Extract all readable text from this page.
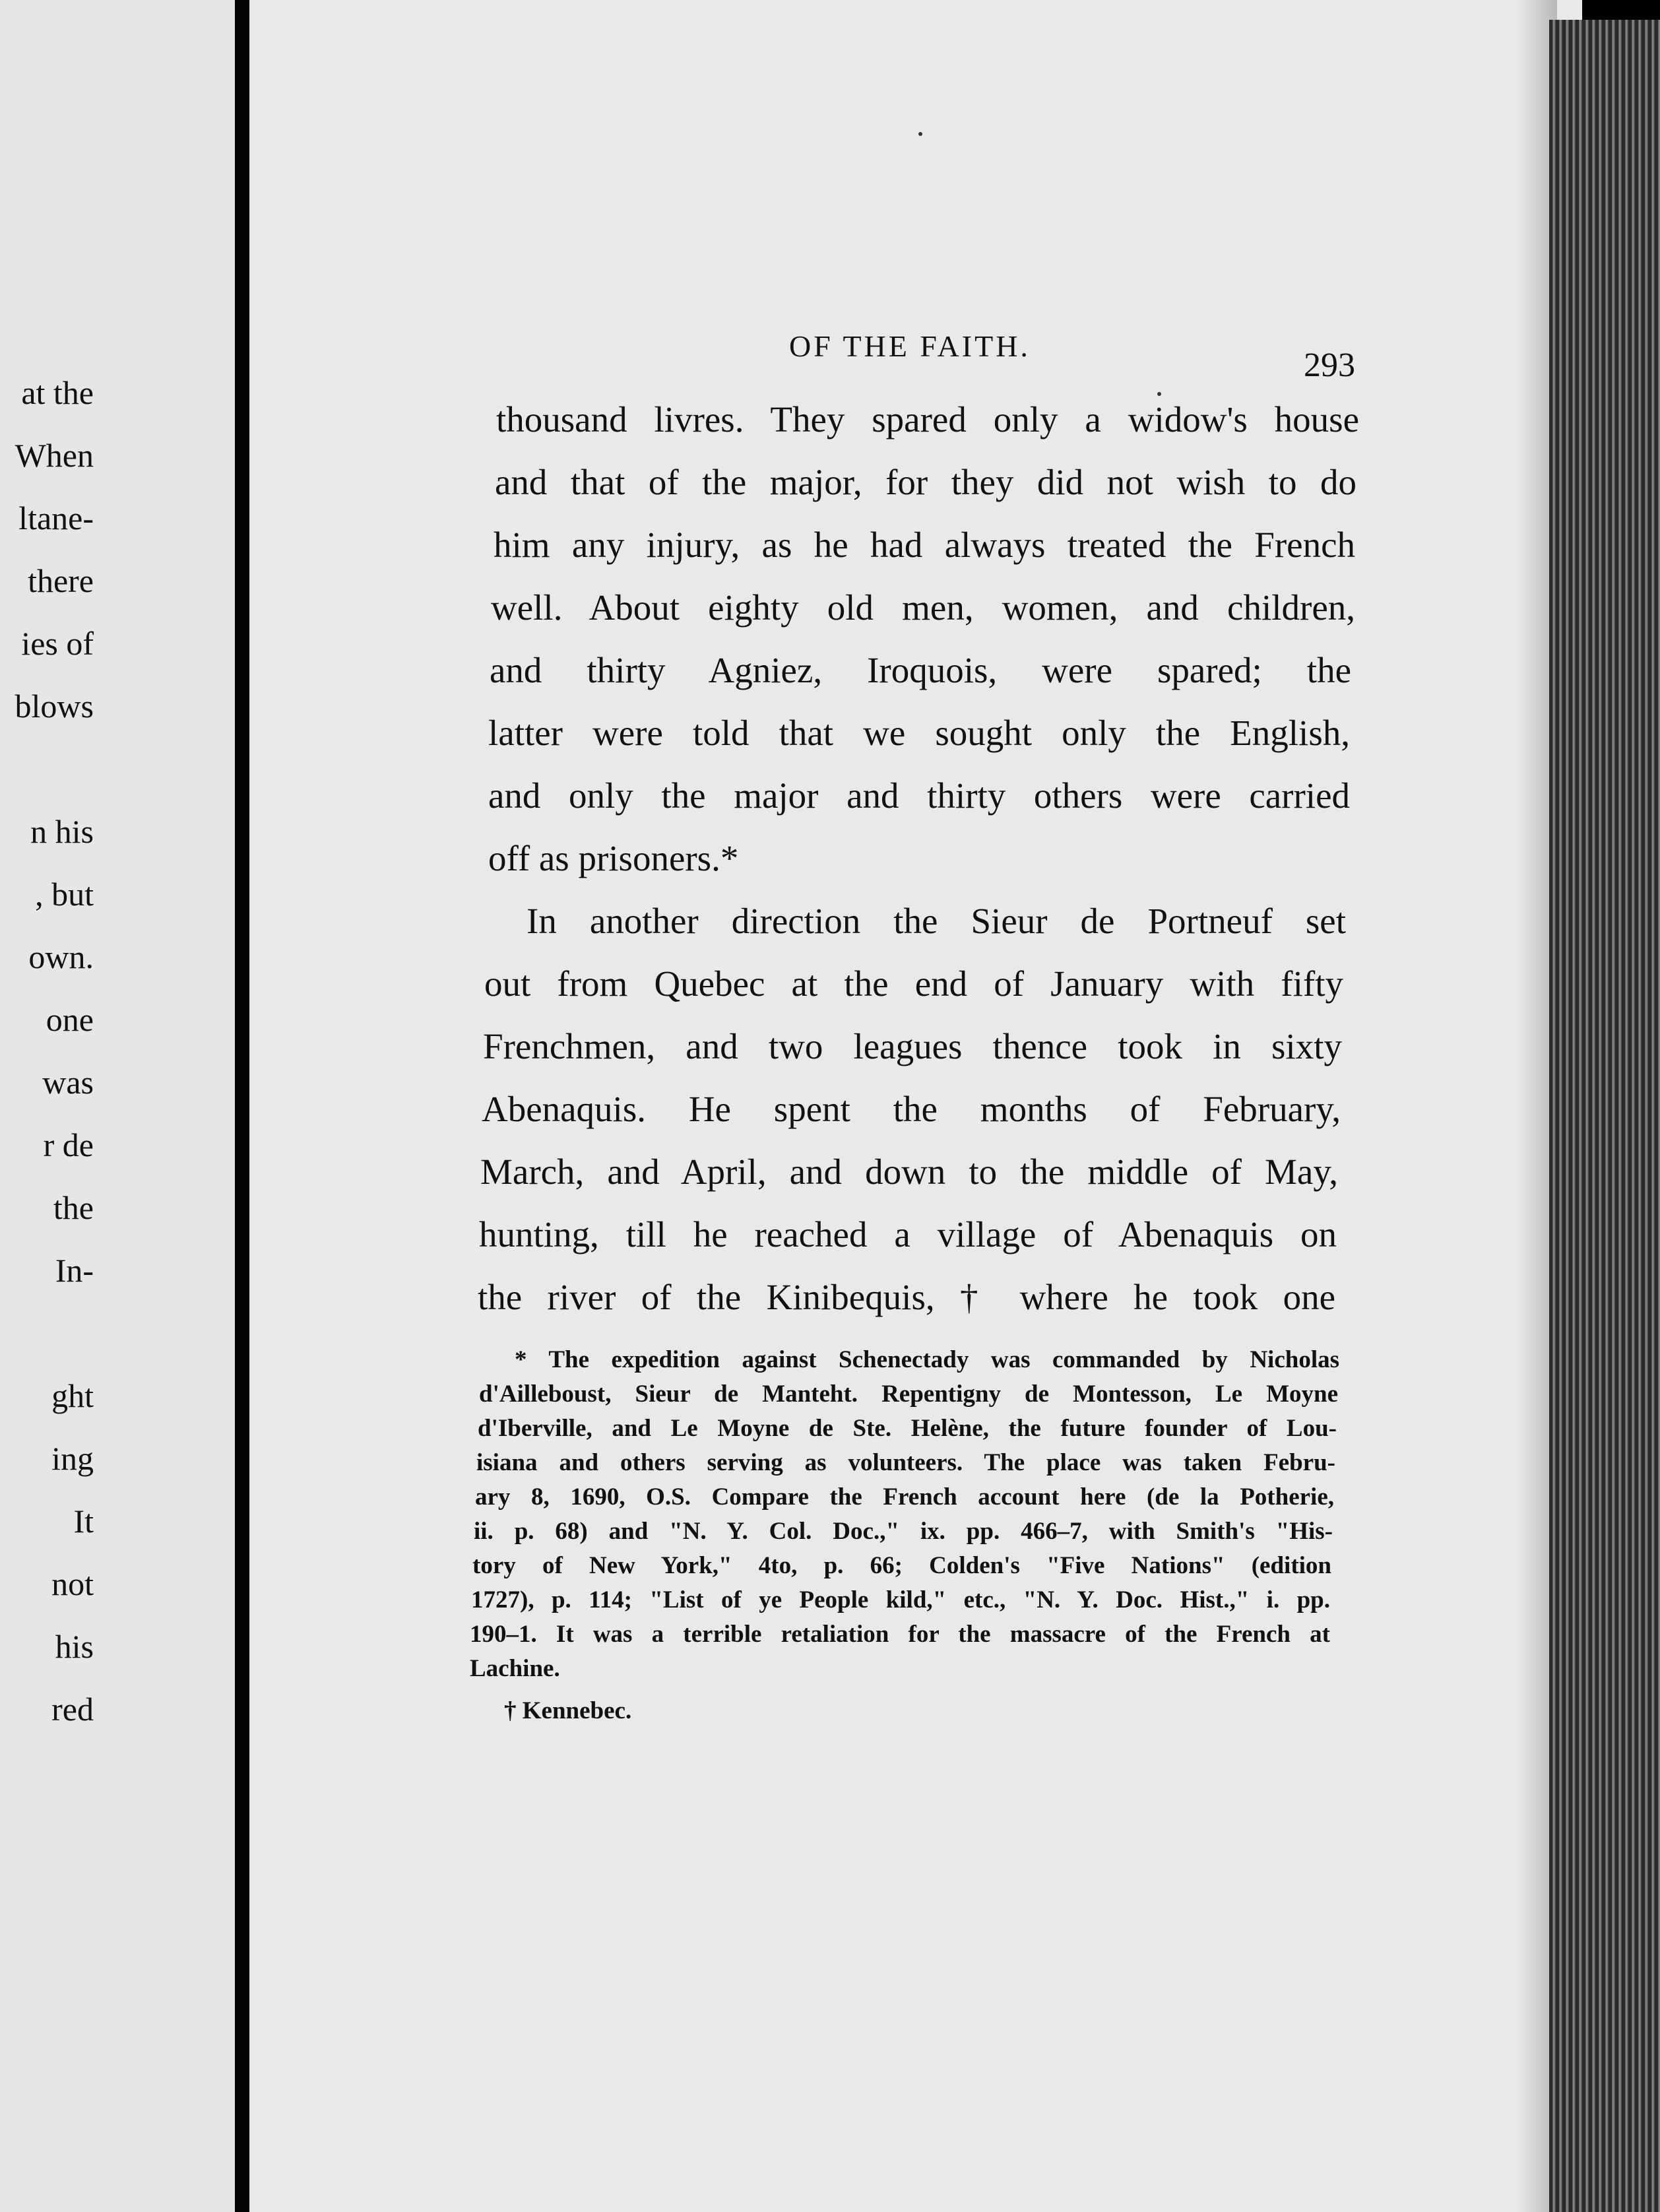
at the
When
ltane-
there
ies of
blows
n his
, but
own.
one
was
r de
the
In-
ght
ing
It
not
his
red
OF THE FAITH.
293
thousand livres. They spared only a widow's house
and that of the major, for they did not wish to do
him any injury, as he had always treated the French
well. About eighty old men, women, and children,
and thirty Agniez, Iroquois, were spared; the
latter were told that we sought only the English,
and only the major and thirty others were carried
off as prisoners.*
In another direction the Sieur de Portneuf set
out from Quebec at the end of January with fifty
Frenchmen, and two leagues thence took in sixty
Abenaquis. He spent the months of February,
March, and April, and down to the middle of May,
hunting, till he reached a village of Abenaquis on
the river of the Kinibequis, † where he took one
* The expedition against Schenectady was commanded by Nicholas
d'Ailleboust, Sieur de Manteht. Repentigny de Montesson, Le Moyne
d'Iberville, and Le Moyne de Ste. Helène, the future founder of Lou-
isiana and others serving as volunteers. The place was taken Febru-
ary 8, 1690, O.S. Compare the French account here (de la Potherie,
ii. p. 68) and "N. Y. Col. Doc.," ix. pp. 466–7, with Smith's "His-
tory of New York," 4to, p. 66; Colden's "Five Nations" (edition
1727), p. 114; "List of ye People kild," etc., "N. Y. Doc. Hist.," i. pp.
190–1. It was a terrible retaliation for the massacre of the French at
Lachine.
† Kennebec.
